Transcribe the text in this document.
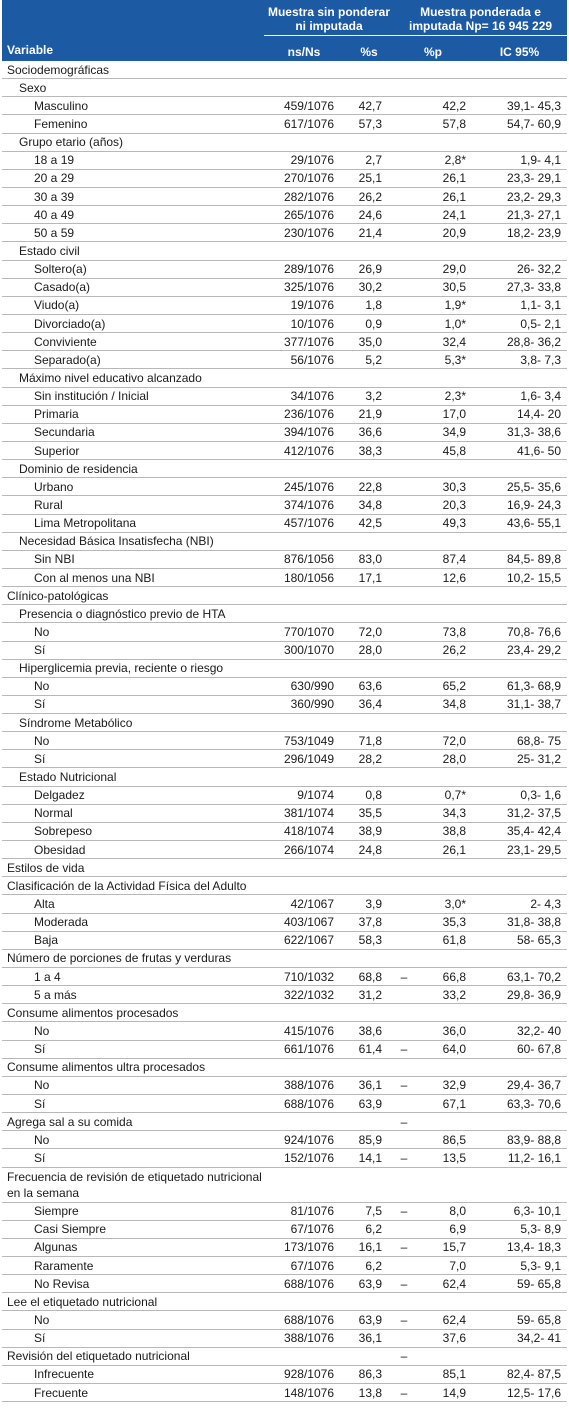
Variable	Muestra sin ponderar ni imputada		Muestra ponderada e imputada Np= 16 945 229		
	ns/Ns	%s	%p		IC 95%
Sociodemográficas					
Sexo					
Masculino	459/1076	42,7		42,2	39,1- 45,3
Femenino	617/1076	57,3		57,8	54,7- 60,9
Grupo etario (años)					
18 a 19	29/1076	2,7		2,8*	1,9- 4,1
20 a 29	270/1076	25,1		26,1	23,3- 29,1
30 a 39	282/1076	26,2		26,1	23,2- 29,3
40 a 49	265/1076	24,6		24,1	21,3- 27,1
50 a 59	230/1076	21,4		20,9	18,2- 23,9
Estado civil					
Soltero(a)	289/1076	26,9		29,0	26- 32,2
Casado(a)	325/1076	30,2		30,5	27,3- 33,8
Viudo(a)	19/1076	1,8		1,9*	1,1- 3,1
Divorciado(a)	10/1076	0,9		1,0*	0,5- 2,1
Conviviente	377/1076	35,0		32,4	28,8- 36,2
Separado(a)	56/1076	5,2		5,3*	3,8- 7,3
Máximo nivel educativo alcanzado					
Sin institución / Inicial	34/1076	3,2		2,3*	1,6- 3,4
Primaria	236/1076	21,9		17,0	14,4- 20
Secundaria	394/1076	36,6		34,9	31,3- 38,6
Superior	412/1076	38,3		45,8	41,6- 50
Dominio de residencia					
Urbano	245/1076	22,8		30,3	25,5- 35,6
Rural	374/1076	34,8		20,3	16,9- 24,3
Lima Metropolitana	457/1076	42,5		49,3	43,6- 55,1
Necesidad Básica Insatisfecha (NBI)					
Sin NBI	876/1056	83,0		87,4	84,5- 89,8
Con al menos una NBI	180/1056	17,1		12,6	10,2- 15,5
Clínico-patológicas					
Presencia o diagnóstico previo de HTA					
No	770/1070	72,0		73,8	70,8- 76,6
Sí	300/1070	28,0		26,2	23,4- 29,2
Hiperglicemia previa, reciente o riesgo					
No	630/990	63,6		65,2	61,3- 68,9
Sí	360/990	36,4		34,8	31,1- 38,7
Síndrome Metabólico					
No	753/1049	71,8		72,0	68,8- 75
Sí	296/1049	28,2		28,0	25- 31,2
Estado Nutricional					
Delgadez	9/1074	0,8		0,7*	0,3- 1,6
Normal	381/1074	35,5		34,3	31,2- 37,5
Sobrepeso	418/1074	38,9		38,8	35,4- 42,4
Obesidad	266/1074	24,8		26,1	23,1- 29,5
Estilos de vida					
Clasificación de la Actividad Física del Adulto					
Alta	42/1067	3,9		3,0*	2- 4,3
Moderada	403/1067	37,8		35,3	31,8- 38,8
Baja	622/1067	58,3		61,8	58- 65,3
Número de porciones de frutas y verduras					
1 a 4	710/1032	68,8	–	66,8	63,1- 70,2
5 a más	322/1032	31,2		33,2	29,8- 36,9
Consume alimentos procesados					
No	415/1076	38,6		36,0	32,2- 40
Sí	661/1076	61,4	–	64,0	60- 67,8
Consume alimentos ultra procesados					
No	388/1076	36,1	–	32,9	29,4- 36,7
Sí	688/1076	63,9		67,1	63,3- 70,6
Agrega sal a su comida			–		
No	924/1076	85,9		86,5	83,9- 88,8
Sí	152/1076	14,1	–	13,5	11,2- 16,1
Frecuencia de revisión de etiquetado nutricional en la semana					
Siempre	81/1076	7,5	–	8,0	6,3- 10,1
Casi Siempre	67/1076	6,2		6,9	5,3- 8,9
Algunas	173/1076	16,1	–	15,7	13,4- 18,3
Raramente	67/1076	6,2		7,0	5,3- 9,1
No Revisa	688/1076	63,9	–	62,4	59- 65,8
Lee el etiquetado nutricional					
No	688/1076	63,9	–	62,4	59- 65,8
Sí	388/1076	36,1		37,6	34,2- 41
Revisión del etiquetado nutricional			–		
Infrecuente	928/1076	86,3		85,1	82,4- 87,5
Frecuente	148/1076	13,8	–	14,9	12,5- 17,6
